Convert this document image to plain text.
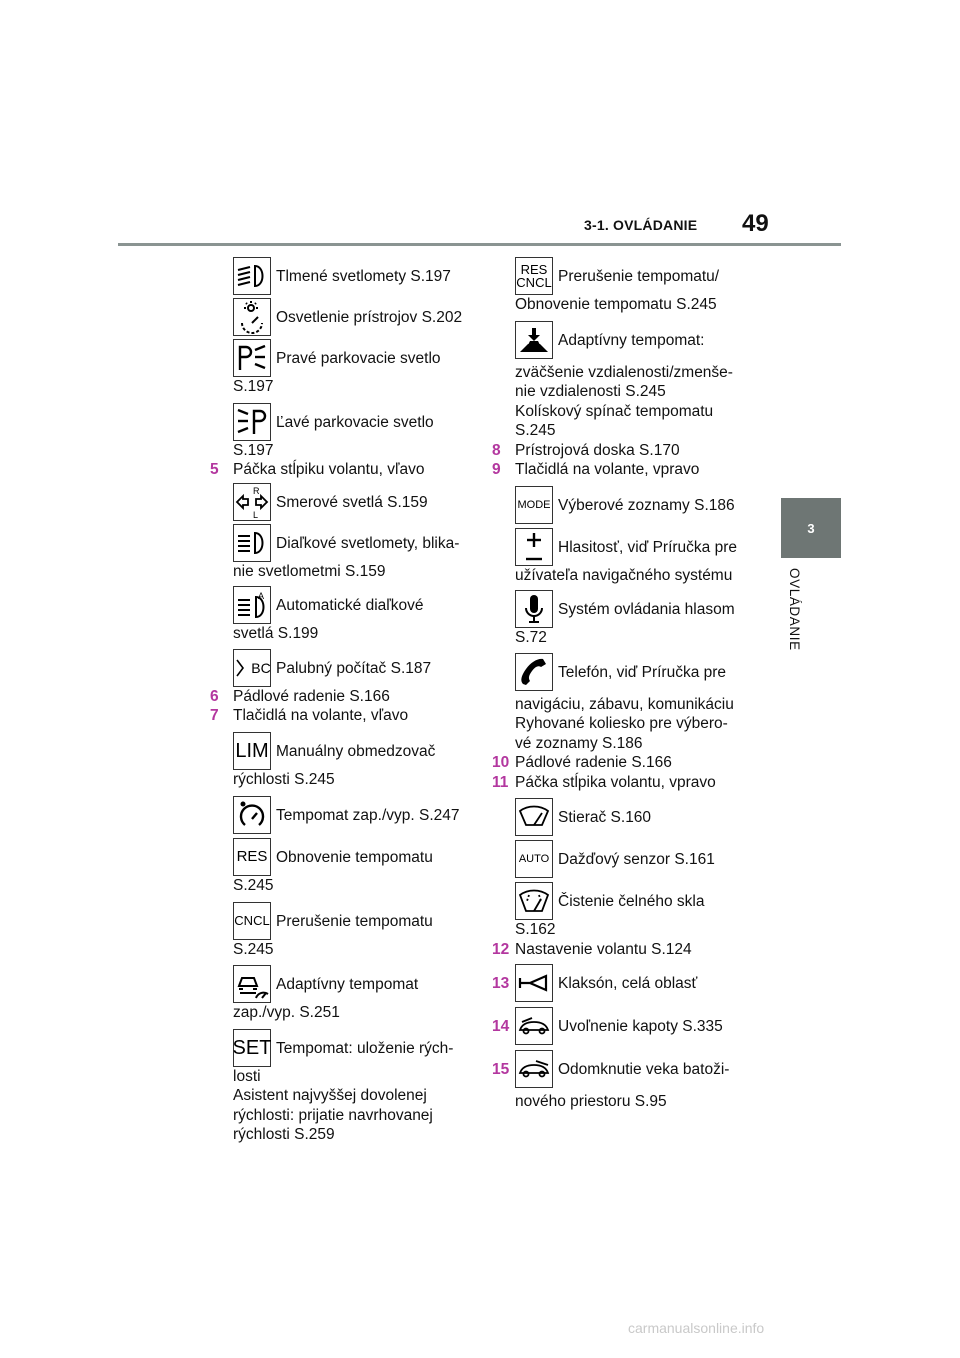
3-1. OVLÁDANIE 49
3
OVLÁDANIE
Tlmené svetlomety S.197
Osvetlenie prístrojov S.202
Pravé parkovacie svetlo
S.197
Ľavé parkovacie svetlo
S.197
5 Páčka stĺpiku volantu, vľavo
R
L
Smerové svetlá S.159
Diaľkové svetlomety, blika-
nie svetlometmi S.159
A
Automatické diaľkové
svetlá S.199
BC Palubný počítač S.187
6 Pádlové radenie S.166
7 Tlačidlá na volante, vľavo
LIM Manuálny obmedzovač
rýchlosti S.245
Tempomat zap./vyp. S.247
RES Obnovenie tempomatu
S.245
CNCL Prerušenie tempomatu
S.245
Adaptívny tempomat
zap./vyp. S.251
SET Tempomat: uloženie rých-
losti
Asistent najvyššej dovolenej
rýchlosti: prijatie navrhovanej
rýchlosti S.259
RES
CNCL Prerušenie tempomatu/
Obnovenie tempomatu S.245
Adaptívny tempomat:
zväčšenie vzdialenosti/zmenše-
nie vzdialenosti S.245
Kolískový spínač tempomatu
S.245
8 Prístrojová doska S.170
9 Tlačidlá na volante, vpravo
MODE Výberové zoznamy S.186
Hlasitosť, viď Príručka pre
užívateľa navigačného systému
Systém ovládania hlasom
S.72
Telefón, viď Príručka pre
navigáciu, zábavu, komunikáciu
Ryhované koliesko pre výbero-
vé zoznamy S.186
10 Pádlové radenie S.166
11 Páčka stĺpika volantu, vpravo
Stierač S.160
AUTO Dažďový senzor S.161
Čistenie čelného skla
S.162
12 Nastavenie volantu S.124
13	Klaksón, celá oblasť
14	Uvoľnenie kapoty S.335
15	Odomknutie veka batoži-
nového priestoru S.95
carmanualsonline.info
